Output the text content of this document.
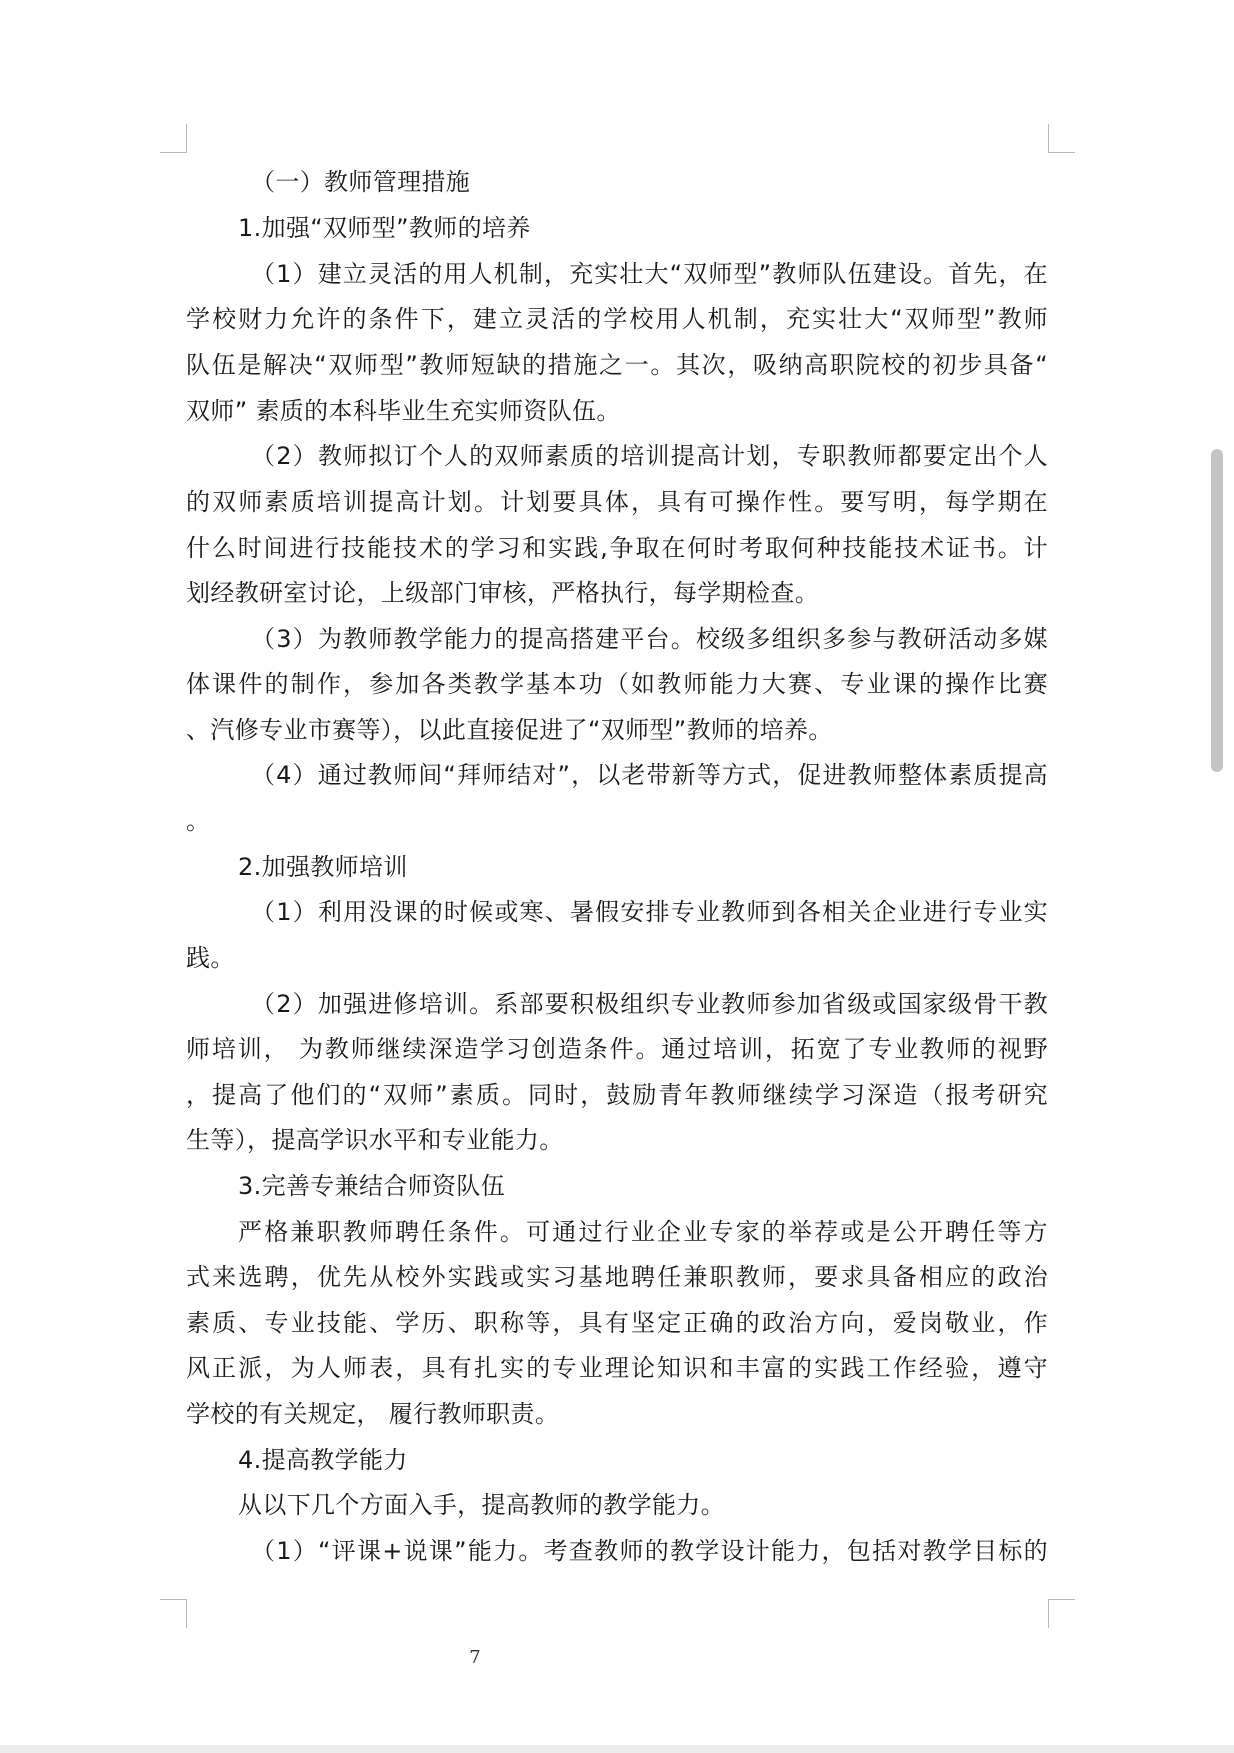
（一）教师管理措施
1.加强“双师型”教师的培养
（1）建立灵活的用人机制，充实壮大“双师型”教师队伍建设。首先，在
学校财力允许的条件下，建立灵活的学校用人机制，充实壮大“双师型”教师
队伍是解决“双师型”教师短缺的措施之一。其次，吸纳高职院校的初步具备“
双师” 素质的本科毕业生充实师资队伍。
（2）教师拟订个人的双师素质的培训提高计划，专职教师都要定出个人
的双师素质培训提高计划。计划要具体，具有可操作性。要写明，每学期在
什么时间进行技能技术的学习和实践,争取在何时考取何种技能技术证书。计
划经教研室讨论，上级部门审核，严格执行，每学期检查。
（3）为教师教学能力的提高搭建平台。校级多组织多参与教研活动多媒
体课件的制作，参加各类教学基本功（如教师能力大赛、专业课的操作比赛
、汽修专业市赛等），以此直接促进了“双师型”教师的培养。
（4）通过教师间“拜师结对”，以老带新等方式，促进教师整体素质提高
。
2.加强教师培训
（1）利用没课的时候或寒、暑假安排专业教师到各相关企业进行专业实
践。
（2）加强进修培训。系部要积极组织专业教师参加省级或国家级骨干教
师培训， 为教师继续深造学习创造条件。通过培训，拓宽了专业教师的视野
，提高了他们的“双师”素质。同时，鼓励青年教师继续学习深造（报考研究
生等），提高学识水平和专业能力。
3.完善专兼结合师资队伍
严格兼职教师聘任条件。可通过行业企业专家的举荐或是公开聘任等方
式来选聘，优先从校外实践或实习基地聘任兼职教师，要求具备相应的政治
素质、专业技能、学历、职称等，具有坚定正确的政治方向，爱岗敬业，作
风正派，为人师表，具有扎实的专业理论知识和丰富的实践工作经验，遵守
学校的有关规定， 履行教师职责。
4.提高教学能力
从以下几个方面入手，提高教师的教学能力。
（1）“评课+说课”能力。考查教师的教学设计能力，包括对教学目标的
7
